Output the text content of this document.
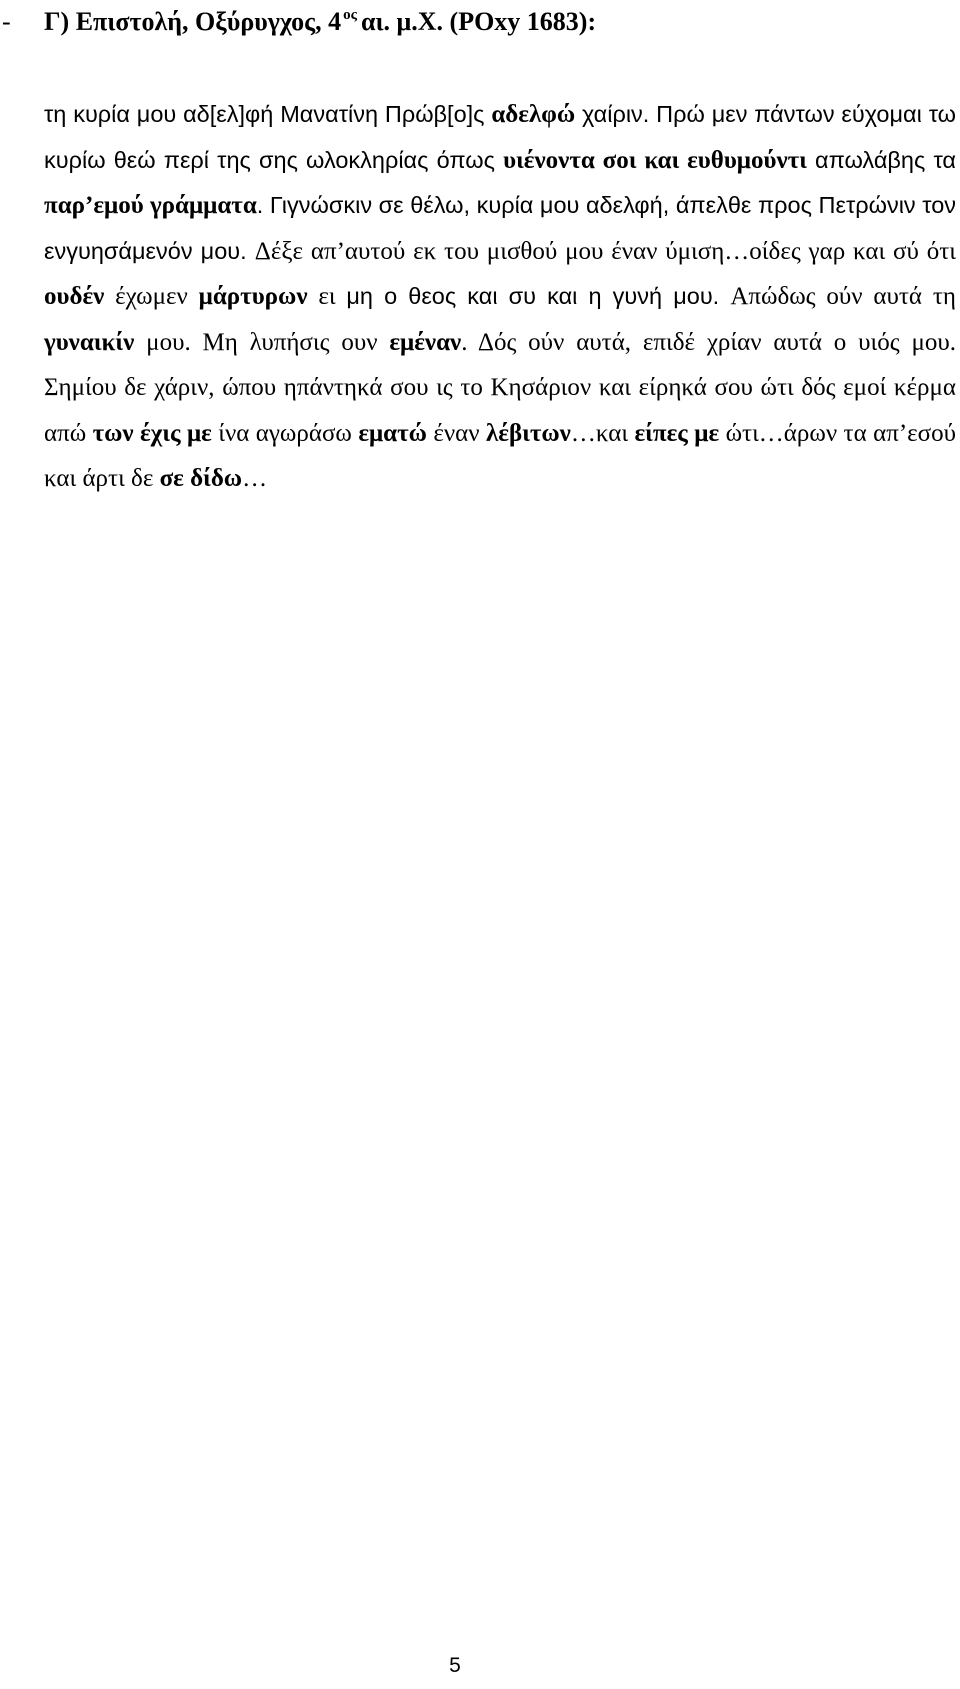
- Γ) Επιστολή, Οξύρυγχος, 4 $^{o\varsigma}$ αι. μ.Χ. (POxy 1683):
τη κυρία μου αδ[ελ]φή Μανατίνη Πρώβ[ο]ς αδελφώ χαίριν. Πρώ μεν πάντων εύχομαι τω κυρίω θεώ περί της σης ωλοκληρίας όπως υιένοντα σοι και ευθυμούντι απωλάβης τα παρ’εμού γράμματα. Γιγνώσκιν σε θέλω, κυρία μου αδελφή, άπελθε προς Πετρώνιν τον ενγυησάμενόν μου. Δέξε απ’αυτού εκ του μισθού μου έναν ύμιση…οίδες γαρ και σύ ότι ουδέν έχωμεν μάρτυρων ει μη ο θεος και συ και η γυνή μου. Απώδως ούν αυτά τη γυναικίν μου. Μη λυπήσις ουν εμέναν. Δός ούν αυτά, επιδέ χρίαν αυτά ο υιός μου. Σημίου δε χάριν, ώπου ηπάντηκά σου ις το Κησάριον και είρηκά σου ώτι δός εμοί κέρμα απώ των έχις με ίνα αγωράσω εματώ έναν λέβιτων…και είπες με ώτι…άρων τα απ’εσού και άρτι δε σε δίδω…
5
